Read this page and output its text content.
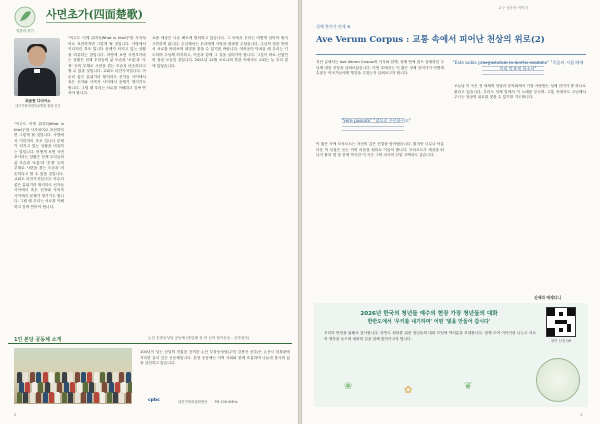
말씀의 향기
사면초가(四面楚歌)
최용현 다미아노
대구가톨릭대학교병원 원장 신부
"이고도 이게 뭐지?(What is this?)"를 사자성어로 표현하자면 그렇게 될 것입니다. 사방에서 이리저리 초조 입니다 문제가 터지고 있는 상황을 비유하는 말입니다. 어떻게 보면 사면초가라는 상황은 현재 우리들의 삶 모습과 '소통'과 '우정' 등의 부재로 시련을 겪는 모습과 비슷하다고 할 수 있을 것입니다. 교회도 마찬가지입니다. 아무리 좋은 분위기라 할지라도 신자들 사이에서 혹은 신자와 사목자 사이에서 문제가 생기기도 합니다. 그럴 때 우리는 서로를 이해하고 감싸 안아야 합니다.
요즘 세상은 너무 빠르게 변화하고 있습니다. 그 속에서 우리는 어떻게 살아야 할지 고민하게 됩니다. 주님께서는 우리에게 사랑과 평화를 주셨습니다. 주님의 말씀 안에서 서로를 바라보며 희망을 찾을 수 있기를 바랍니다. 어려움이 닥쳐올 때 우리는 기도하며 주님께 의지하고, 이웃과 함께 그 길을 걸어가야 합니다. 그것이 바로 신앙인의 참된 모습일 것입니다. 2021년 12월 코로나의 혼란 속에서도 교회는 늘 우리 곁에 있었습니다.
"이고도 이게 뭐지?(What is this?)"를 사자성어로 표현하자면 그렇게 될 것입니다. 사방에서 이리저리 초조 입니다 문제가 터지고 있는 상황을 비유하는 말입니다. 어떻게 보면 사면초가라는 상황은 현재 우리들의 삶 모습과 '소통'과 '우정' 등의 부재로 시련을 겪는 모습과 비슷하다고 할 수 있을 것입니다. 교회도 마찬가지입니다. 아무리 좋은 분위기라 할지라도 신자들 사이에서 혹은 신자와 사목자 사이에서 문제가 생기기도 합니다. 그럴 때 우리는 서로를 이해하고 감싸 안아야 합니다.
1인 본당 공동체 소개	논산 부창동성당 공동체 (방갈래 성 안 신자 철거운동 - 신자성지)
100년이 넘는 신앙의 전통을 간직한 논산 부창동성당(주임 김용찬 신부)은 논산시 한복판에 자리한 유서 깊은 공동체입니다. 본당 공동체는 지역 사회와 함께 호흡하며 나눔과 봉사의 삶을 실천하고 있습니다.
cpbc	대전가톨릭평화방송 FM 106.9MHz
2
교구 성음악 이야기
성체 찬미가 연재 ⑧
Ave Verum Corpus : 교통 속에서 피어난 천상의 위로(2)
지난 글에서는 Ave Verum Corpus의 가사와 함께, 성체 안에 참으 실재하신 주님께 대한 신앙을 살펴보았습니다. 이번 호에서는 이 짧은 성체 찬미가가 어떻게 수많은 작곡가들에게 영감을 주었는지 살펴보고자 합니다.
"Vere passum" "참으로 수난하시고"
이 짧은 곡에 모차르트는 자신의 깊은 신앙을 담아냈습니다. 짧지만 너무나 아름다운 이 선율은 듣는 이의 마음을 평화로 이끌어 줍니다. 모차르트가 세상을 떠나기 불과 몇 달 전에 작곡한 이 곡은 그의 마지막 신앙 고백과도 같습니다.
"Esto nobis praegustatum in mortis examine" "죽음의 시험 때에 미리 맛보게 하소서"
오늘날 이 곡은 전 세계의 성당과 음악회에서 가장 사랑받는 성체 찬미가 중 하나로 불리고 있습니다. 우리도 성체 앞에서 이 노래를 부르며, 고통 속에서도 주님께서 주시는 천상의 위로를 맛볼 수 있기를 기도합니다.
신세라 에제디니
2026년 한국의 청년들 예수의 현장 가장 청년들의 대화
한반도에서 '무키를 내기하며' 어떤 '빛을 만들어 갑시다'
우리의 안녕을 위해서 감사합니다. 한반도 평화를 위한 청년들의 대화 모임에 여러분을 초대합니다. 함께 모여 이야기를 나누고 서로의 생각을 들으며 평화의 길을 함께 찾아가고자 합니다.
❀	✿	❦
참여 신청 QR
3
